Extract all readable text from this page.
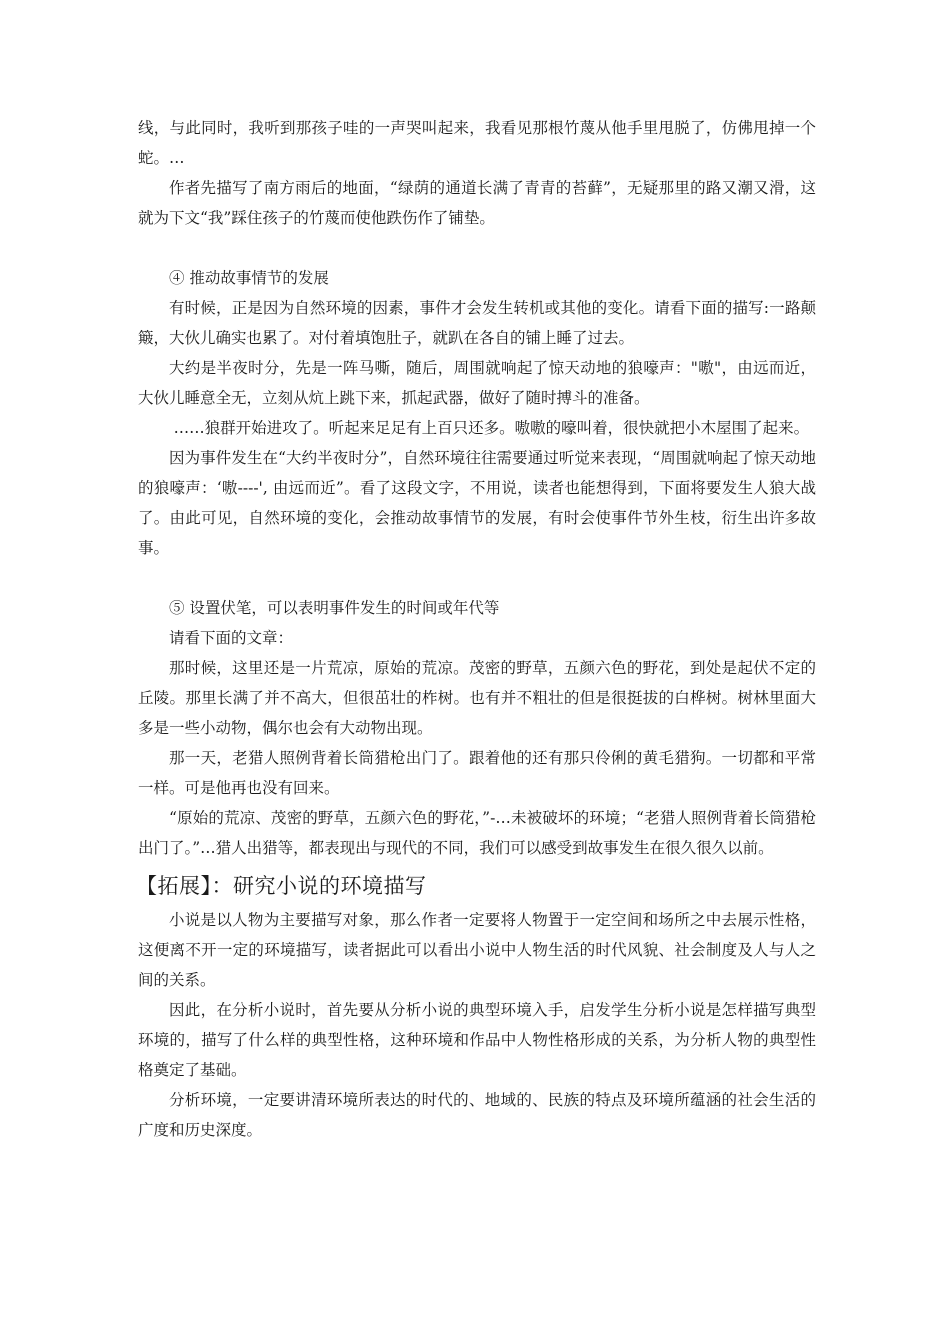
线，与此同时，我听到那孩子哇的一声哭叫起来，我看见那根竹蔑从他手里甩脱了，仿佛甩掉一个蛇。…

作者先描写了南方雨后的地面，“绿荫的通道长满了青青的苔藓”，无疑那里的路又潮又滑，这就为下文“我”踩住孩子的竹蔑而使他跌伤作了铺垫。

④ 推动故事情节的发展

有时候，正是因为自然环境的因素，事件才会发生转机或其他的变化。请看下面的描写:一路颠簸，大伙儿确实也累了。对付着填饱肚子，就趴在各自的铺上睡了过去。

大约是半夜时分，先是一阵马嘶，随后，周围就响起了惊天动地的狼嚎声："嗷"，由远而近，大伙儿睡意全无，立刻从炕上跳下来，抓起武器，做好了随时搏斗的准备。

……狼群开始进攻了。听起来足足有上百只还多。嗷嗷的嚎叫着，很快就把小木屋围了起来。

因为事件发生在“大约半夜时分”，自然环境往往需要通过听觉来表现，“周围就响起了惊天动地的狼嚎声：‘嗷----', 由远而近”。看了这段文字，不用说，读者也能想得到，下面将要发生人狼大战了。由此可见，自然环境的变化，会推动故事情节的发展，有时会使事件节外生枝，衍生出许多故事。

⑤ 设置伏笔，可以表明事件发生的时间或年代等

请看下面的文章：

那时候，这里还是一片荒凉，原始的荒凉。茂密的野草，五颜六色的野花，到处是起伏不定的丘陵。那里长满了并不高大，但很茁壮的柞树。也有并不粗壮的但是很挺拔的白桦树。树林里面大多是一些小动物，偶尔也会有大动物出现。

那一天，老猎人照例背着长筒猎枪出门了。跟着他的还有那只伶俐的黄毛猎狗。一切都和平常一样。可是他再也没有回来。

“原始的荒凉、茂密的野草，五颜六色的野花，”-…未被破坏的环境；“老猎人照例背着长筒猎枪出门了。”…猎人出猎等，都表现出与现代的不同，我们可以感受到故事发生在很久很久以前。

【拓展】：研究小说的环境描写

小说是以人物为主要描写对象，那么作者一定要将人物置于一定空间和场所之中去展示性格，这便离不开一定的环境描写，读者据此可以看出小说中人物生活的时代风貌、社会制度及人与人之间的关系。

因此，在分析小说时，首先要从分析小说的典型环境入手，启发学生分析小说是怎样描写典型环境的，描写了什么样的典型性格，这种环境和作品中人物性格形成的关系，为分析人物的典型性格奠定了基础。

分析环境，一定要讲清环境所表达的时代的、地域的、民族的特点及环境所蕴涵的社会生活的广度和历史深度。
